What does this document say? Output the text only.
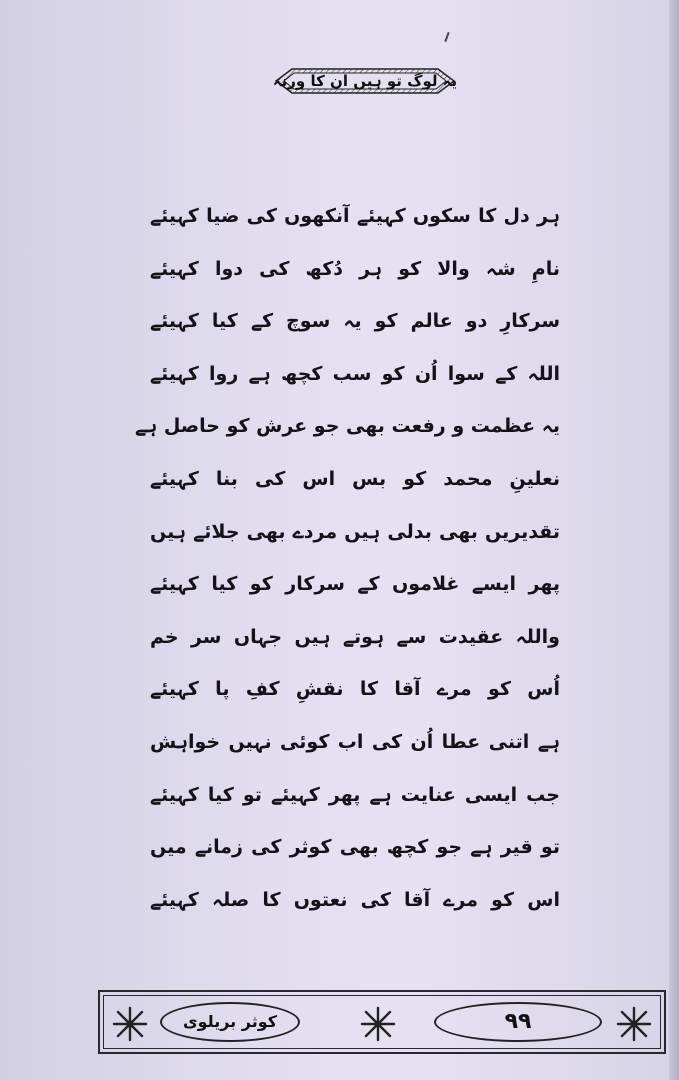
یہ لوگ تو ہیں ان کا ورنہ
ہر دل کا سکوں کہیئے آنکھوں کی ضیا کہیئے
نامِ شہ والا کو ہر دُکھ کی دوا کہیئے
سرکارِ دو عالم کو یہ سوچ کے کیا کہیئے
اللہ کے سوا اُن کو سب کچھ ہے روا کہیئے
یہ عظمت و رفعت بھی جو عرش کو حاصل ہے
نعلینِ محمد کو بس اس کی بنا کہیئے
تقدیریں بھی بدلی ہیں مردے بھی جلائے ہیں
پھر ایسے غلاموں کے سرکار کو کیا کہیئے
واللہ عقیدت سے ہوتے ہیں جہاں سر خم
اُس کو مرے آقا کا نقشِ کفِ پا کہیئے
ہے اتنی عطا اُن کی اب کوئی نہیں خواہش
جب ایسی عنایت ہے پھر کہیئے تو کیا کہیئے
تو قیر ہے جو کچھ بھی کوثر کی زمانے میں
اس کو مرے آقا کی نعتوں کا صلہ کہیئے
کوثر بریلوی	۹۹
